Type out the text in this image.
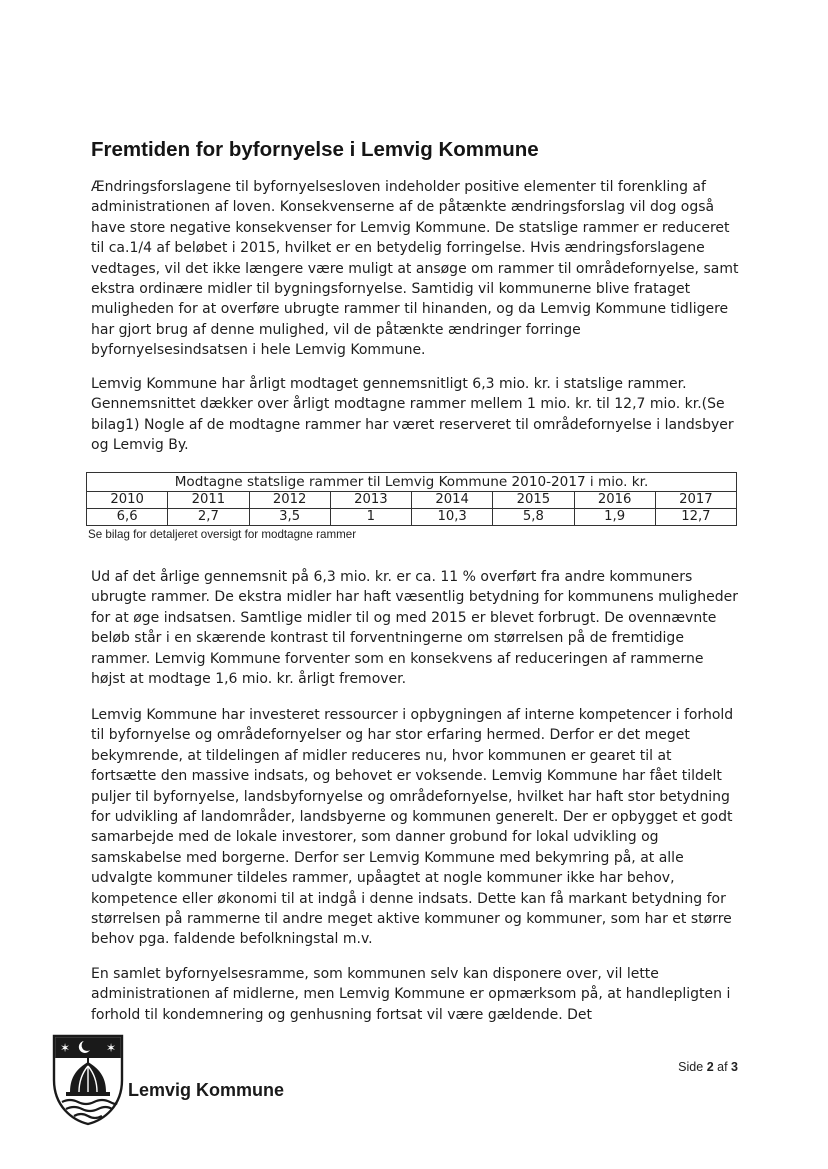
Fremtiden for byfornyelse i Lemvig Kommune

Ændringsforslagene til byfornyelsesloven indeholder positive elementer til forenkling af administrationen af loven. Konsekvenserne af de påtænkte ændringsforslag vil dog også have store negative konsekvenser for Lemvig Kommune. De statslige rammer er reduceret til ca.1/4 af beløbet i 2015, hvilket er en betydelig forringelse. Hvis ændringsforslagene vedtages, vil det ikke længere være muligt at ansøge om rammer til områdefornyelse, samt ekstra ordinære midler til bygningsfornyelse. Samtidig vil kommunerne blive frataget muligheden for at overføre ubrugte rammer til hinanden, og da Lemvig Kommune tidligere har gjort brug af denne mulighed, vil de påtænkte ændringer forringe byfornyelsesindsatsen i hele Lemvig Kommune.

Lemvig Kommune har årligt modtaget gennemsnitligt 6,3 mio. kr. i statslige rammer. Gennemsnittet dækker over årligt modtagne rammer mellem 1 mio. kr. til 12,7 mio. kr.(Se bilag1) Nogle af de modtagne rammer har været reserveret til områdefornyelse i landsbyer og Lemvig By.

Modtagne statslige rammer til Lemvig Kommune 2010-2017 i mio. kr.							
2010	2011	2012	2013	2014	2015	2016	2017
6,6	2,7	3,5	1	10,3	5,8	1,9	12,7
Se bilag for detaljeret oversigt for modtagne rammer

Ud af det årlige gennemsnit på 6,3 mio. kr. er ca. 11 % overført fra andre kommuners ubrugte rammer. De ekstra midler har haft væsentlig betydning for kommunens muligheder for at øge indsatsen. Samtlige midler til og med 2015 er blevet forbrugt. De ovennævnte beløb står i en skærende kontrast til forventningerne om størrelsen på de fremtidige rammer. Lemvig Kommune forventer som en konsekvens af reduceringen af rammerne højst at modtage 1,6 mio. kr. årligt fremover.

Lemvig Kommune har investeret ressourcer i opbygningen af interne kompetencer i forhold til byfornyelse og områdefornyelser og har stor erfaring hermed. Derfor er det meget bekymrende, at tildelingen af midler reduceres nu, hvor kommunen er gearet til at fortsætte den massive indsats, og behovet er voksende. Lemvig Kommune har fået tildelt puljer til byfornyelse, landsbyfornyelse og områdefornyelse, hvilket har haft stor betydning for udvikling af landområder, landsbyerne og kommunen generelt. Der er opbygget et godt samarbejde med de lokale investorer, som danner grobund for lokal udvikling og samskabelse med borgerne. Derfor ser Lemvig Kommune med bekymring på, at alle udvalgte kommuner tildeles rammer, upåagtet at nogle kommuner ikke har behov, kompetence eller økonomi til at indgå i denne indsats. Dette kan få markant betydning for størrelsen på rammerne til andre meget aktive kommuner og kommuner, som har et større behov pga. faldende befolkningstal m.v.

En samlet byfornyelsesramme, som kommunen selv kan disponere over, vil lette administrationen af midlerne, men Lemvig Kommune er opmærksom på, at handlepligten i forhold til kondemnering og genhusning fortsat vil være gældende. Det

✶	✶
Lemvig Kommune
Side 2 af 3
